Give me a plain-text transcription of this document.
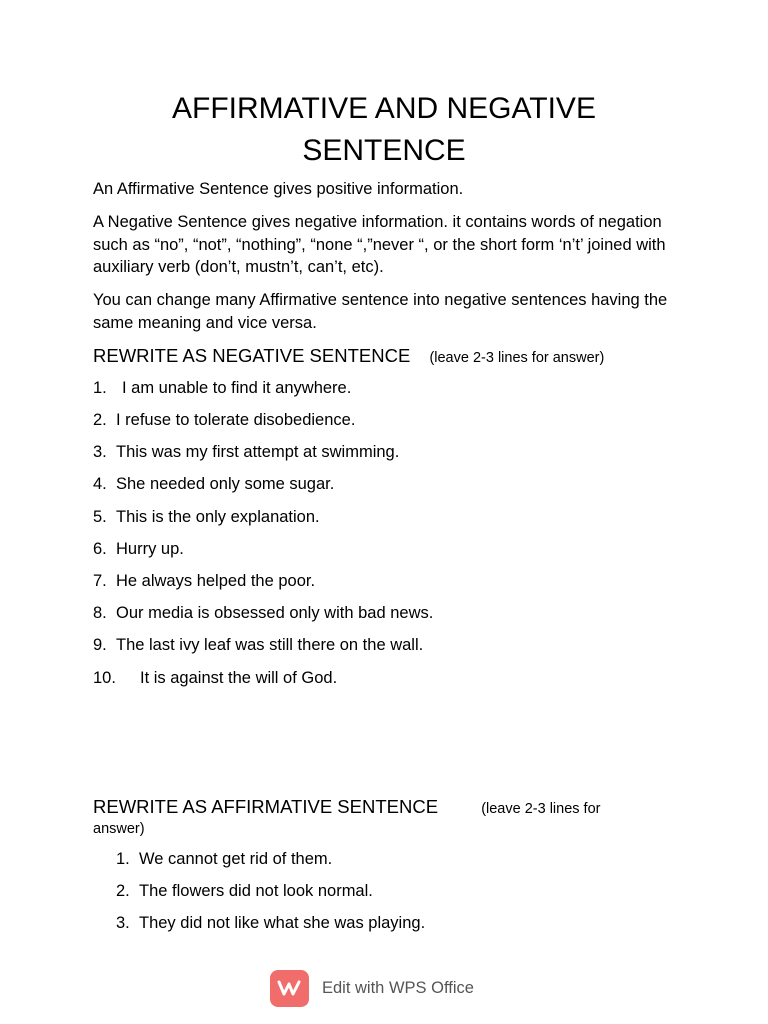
AFFIRMATIVE AND NEGATIVE
SENTENCE

An Affirmative Sentence gives positive information.

A Negative Sentence gives negative information. it contains words of negation such as “no”, “not”, “nothing”, “none “,”never “, or the short form ‘n’t’ joined with auxiliary verb (don’t, mustn’t, can’t, etc).

You can change many Affirmative sentence into negative sentences having the same meaning and vice versa.

REWRITE AS NEGATIVE SENTENCE (leave 2-3 lines for answer)

1. I am unable to find it anywhere.

2. I refuse to tolerate disobedience.

3. This was my first attempt at swimming.

4. She needed only some sugar.

5. This is the only explanation.

6. Hurry up.

7. He always helped the poor.

8. Our media is obsessed only with bad news.

9. The last ivy leaf was still there on the wall.

10. It is against the will of God.

REWRITE AS AFFIRMATIVE SENTENCE	(leave 2-3 lines for

answer)

1. We cannot get rid of them.

2. The flowers did not look normal.

3. They did not like what she was playing.

Edit with WPS Office
